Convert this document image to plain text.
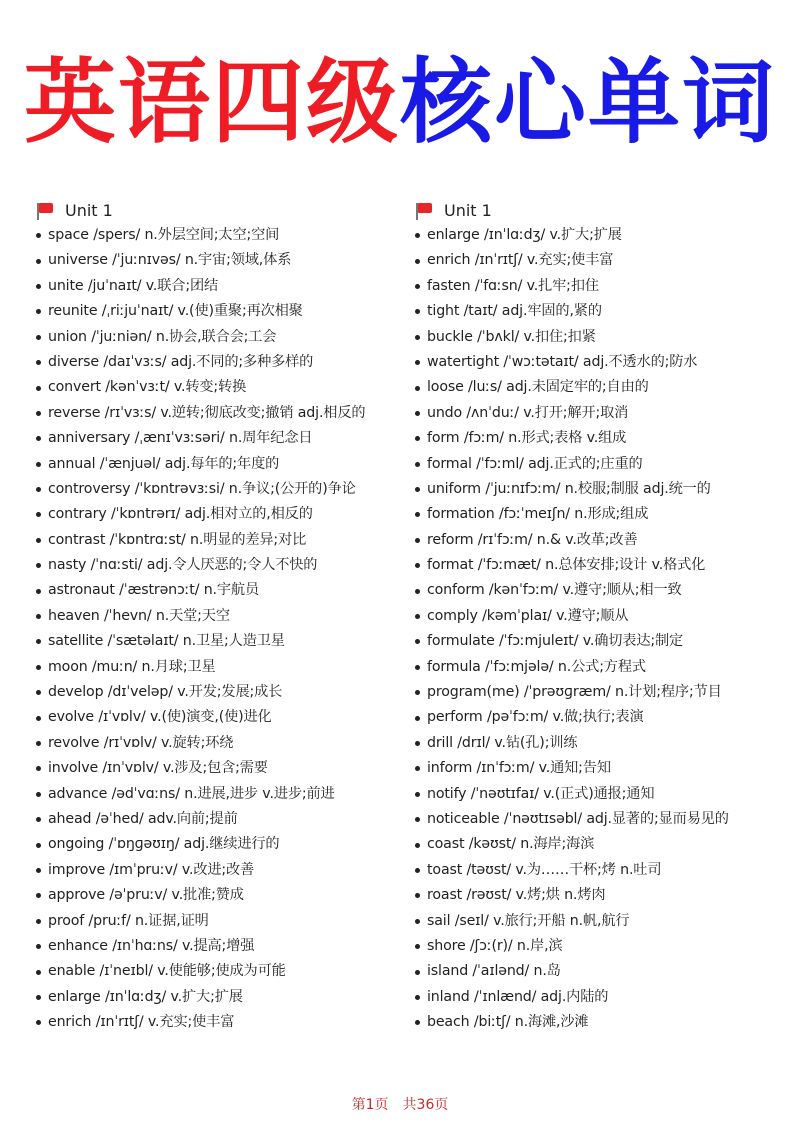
英语四级核心单词
Unit 1
space /spers/ n.外层空间;太空;空间
universe /ˈjuːnɪvəs/ n.宇宙;领域,体系
unite /juˈnaɪt/ v.联合;团结
reunite /ˌriːjuˈnaɪt/ v.(使)重聚;再次相聚
union /ˈjuːniən/ n.协会,联合会;工会
diverse /daɪˈvɜːs/ adj.不同的;多种多样的
convert /kənˈvɜːt/ v.转变;转换
reverse /rɪˈvɜːs/ v.逆转;彻底改变;撤销 adj.相反的
anniversary /ˌænɪˈvɜːsəri/ n.周年纪念日
annual /ˈænjuəl/ adj.每年的;年度的
controversy /ˈkɒntrəvɜːsi/ n.争议;(公开的)争论
contrary /ˈkɒntrərɪ/ adj.相对立的,相反的
contrast /ˈkɒntrɑːst/ n.明显的差异;对比
nasty /ˈnɑːsti/ adj.令人厌恶的;令人不快的
astronaut /ˈæstrənɔːt/ n.宇航员
heaven /ˈhevn/ n.天堂;天空
satellite /ˈsætəlaɪt/ n.卫星;人造卫星
moon /muːn/ n.月球;卫星
develop /dɪˈveləp/ v.开发;发展;成长
evolve /ɪˈvɒlv/ v.(使)演变,(使)进化
revolve /rɪˈvɒlv/ v.旋转;环绕
involve /ɪnˈvɒlv/ v.涉及;包含;需要
advance /ədˈvɑːns/ n.进展,进步 v.进步;前进
ahead /əˈhed/ adv.向前;提前
ongoing /ˈɒŋɡəʊɪŋ/ adj.继续进行的
improve /ɪmˈpruːv/ v.改进;改善
approve /əˈpruːv/ v.批准;赞成
proof /pruːf/ n.证据,证明
enhance /ɪnˈhɑːns/ v.提高;增强
enable /ɪˈneɪbl/ v.使能够;使成为可能
enlarge /ɪnˈlɑːdʒ/ v.扩大;扩展
enrich /ɪnˈrɪtʃ/ v.充实;使丰富
Unit 1
enlarge /ɪnˈlɑːdʒ/ v.扩大;扩展
enrich /ɪnˈrɪtʃ/ v.充实;使丰富
fasten /ˈfɑːsn/ v.扎牢;扣住
tight /taɪt/ adj.牢固的,紧的
buckle /ˈbʌkl/ v.扣住;扣紧
watertight /ˈwɔːtətaɪt/ adj.不透水的;防水
loose /luːs/ adj.未固定牢的;自由的
undo /ʌnˈduː/ v.打开;解开;取消
form /fɔːm/ n.形式;表格 v.组成
formal /ˈfɔːml/ adj.正式的;庄重的
uniform /ˈjuːnɪfɔːm/ n.校服;制服 adj.统一的
formation /fɔːˈmeɪʃn/ n.形成;组成
reform /rɪˈfɔːm/ n.& v.改革;改善
format /ˈfɔːmæt/ n.总体安排;设计 v.格式化
conform /kənˈfɔːm/ v.遵守;顺从;相一致
comply /kəmˈplaɪ/ v.遵守;顺从
formulate /ˈfɔːmjuleɪt/ v.确切表达;制定
formula /ˈfɔːmjələ/ n.公式;方程式
program(me) /ˈprəʊɡræm/ n.计划;程序;节目
perform /pəˈfɔːm/ v.做;执行;表演
drill /drɪl/ v.钻(孔);训练
inform /ɪnˈfɔːm/ v.通知;告知
notify /ˈnəʊtɪfaɪ/ v.(正式)通报;通知
noticeable /ˈnəʊtɪsəbl/ adj.显著的;显而易见的
coast /kəʊst/ n.海岸;海滨
toast /təʊst/ v.为……干杯;烤 n.吐司
roast /rəʊst/ v.烤;烘 n.烤肉
sail /seɪl/ v.旅行;开船 n.帆,航行
shore /ʃɔː(r)/ n.岸,滨
island /ˈaɪlənd/ n.岛
inland /ˈɪnlænd/ adj.内陆的
beach /biːtʃ/ n.海滩,沙滩
第1页 共36页
